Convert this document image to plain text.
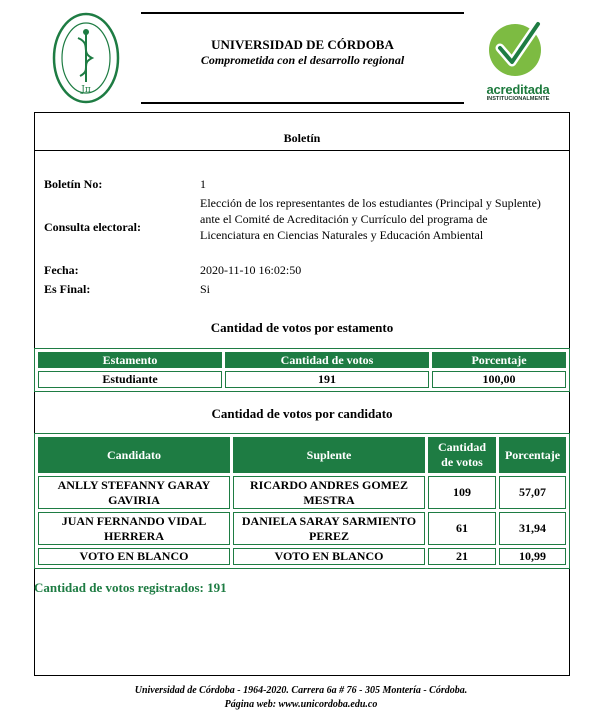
Jπ
UNIVERSIDAD DE CÓRDOBA
Comprometida con el desarrollo regional
acreditada
INSTITUCIONALMENTE
Boletín
Boletín No:	1
Consulta electoral:
Elección de los representantes de los estudiantes (Principal y Suplente) ante el Comité de Acreditación y Currículo del programa de Licenciatura en Ciencias Naturales y Educación Ambiental
Fecha:	2020-11-10 16:02:50
Es Final:	Si
Cantidad de votos por estamento
Estamento	Cantidad de votos	Porcentaje
Estudiante	191	100,00
Cantidad de votos por candidato
Candidato	Suplente	Cantidad de votos	Porcentaje
ANLLY STEFANNY GARAY GAVIRIA	RICARDO ANDRES GOMEZ MESTRA	109	57,07
JUAN FERNANDO VIDAL HERRERA	DANIELA SARAY SARMIENTO PEREZ	61	31,94
VOTO EN BLANCO	VOTO EN BLANCO	21	10,99
Cantidad de votos registrados: 191
Universidad de Córdoba - 1964-2020. Carrera 6a # 76 - 305 Montería - Córdoba.
Página web: www.unicordoba.edu.co
